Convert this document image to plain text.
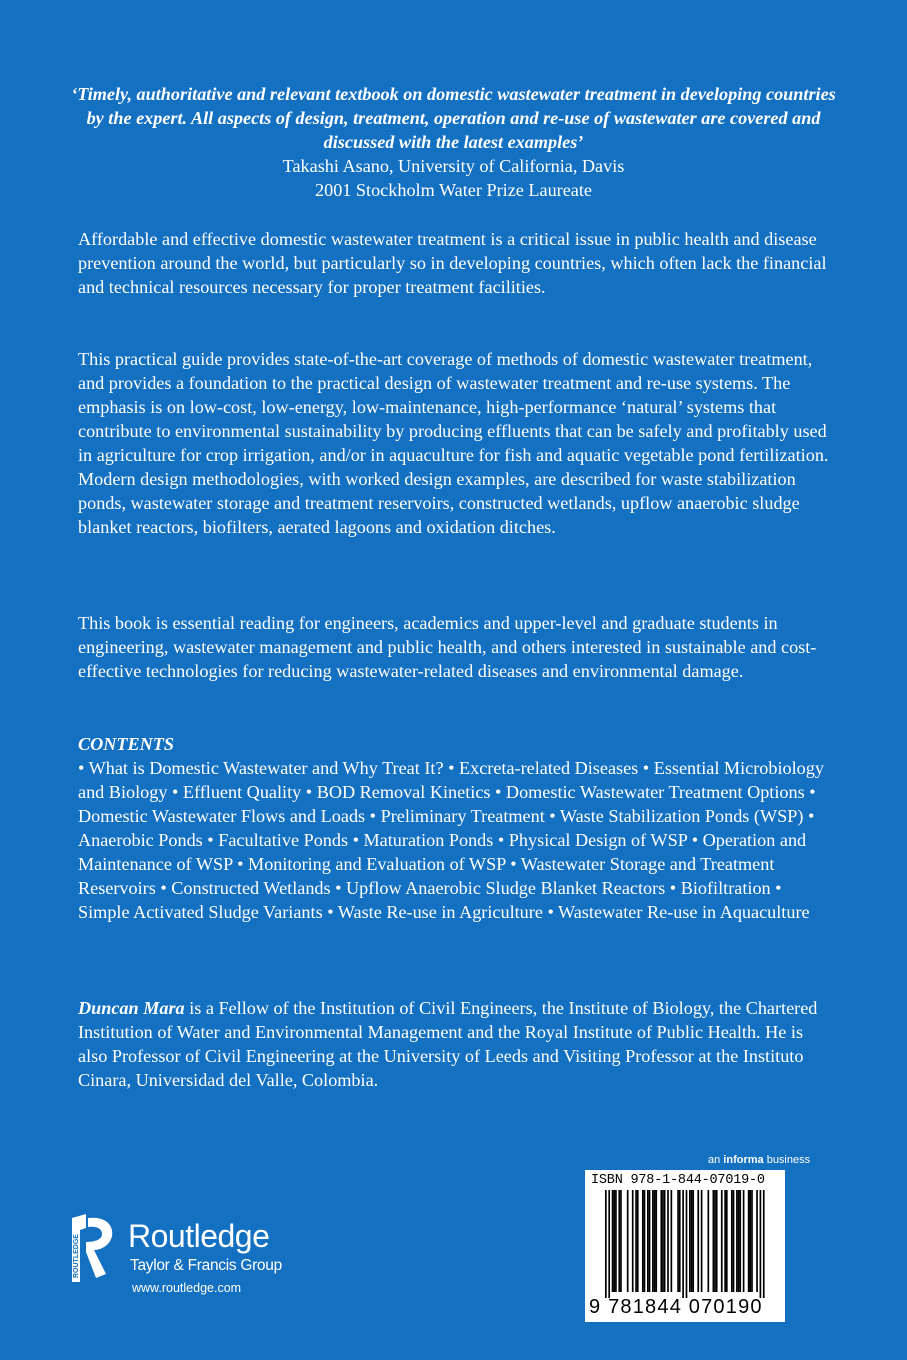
‘Timely, authoritative and relevant textbook on domestic wastewater treatment in developing countries by the expert. All aspects of design, treatment, operation and re-use of wastewater are covered and discussed with the latest examples’
Takashi Asano, University of California, Davis
2001 Stockholm Water Prize Laureate

Affordable and effective domestic wastewater treatment is a critical issue in public health and disease prevention around the world, but particularly so in developing countries, which often lack the financial and technical resources necessary for proper treatment facilities.

This practical guide provides state-of-the-art coverage of methods of domestic wastewater treatment, and provides a foundation to the practical design of wastewater treatment and re-use systems. The emphasis is on low-cost, low-energy, low-maintenance, high-performance ‘natural’ systems that contribute to environmental sustainability by producing effluents that can be safely and profitably used in agriculture for crop irrigation, and/or in aquaculture for fish and aquatic vegetable pond fertilization. Modern design methodologies, with worked design examples, are described for waste stabilization ponds, wastewater storage and treatment reservoirs, constructed wetlands, upflow anaerobic sludge blanket reactors, biofilters, aerated lagoons and oxidation ditches.

This book is essential reading for engineers, academics and upper-level and graduate students in engineering, wastewater management and public health, and others interested in sustainable and cost-effective technologies for reducing wastewater-related diseases and environmental damage.

CONTENTS
• What is Domestic Wastewater and Why Treat It? • Excreta-related Diseases • Essential Microbiology and Biology • Effluent Quality • BOD Removal Kinetics • Domestic Wastewater Treatment Options • Domestic Wastewater Flows and Loads • Preliminary Treatment • Waste Stabilization Ponds (WSP) • Anaerobic Ponds • Facultative Ponds • Maturation Ponds • Physical Design of WSP • Operation and Maintenance of WSP • Monitoring and Evaluation of WSP • Wastewater Storage and Treatment Reservoirs • Constructed Wetlands • Upflow Anaerobic Sludge Blanket Reactors • Biofiltration • Simple Activated Sludge Variants • Waste Re-use in Agriculture • Wastewater Re-use in Aquaculture
Duncan Mara is a Fellow of the Institution of Civil Engineers, the Institute of Biology, the Chartered Institution of Water and Environmental Management and the Royal Institute of Public Health. He is also Professor of Civil Engineering at the University of Leeds and Visiting Professor at the Instituto Cinara, Universidad del Valle, Colombia.
ROUTLEDGE Routledge
Taylor & Francis Group
www.routledge.com
an informa business
ISBN 978-1-844-07019-0
9 781844 070190
